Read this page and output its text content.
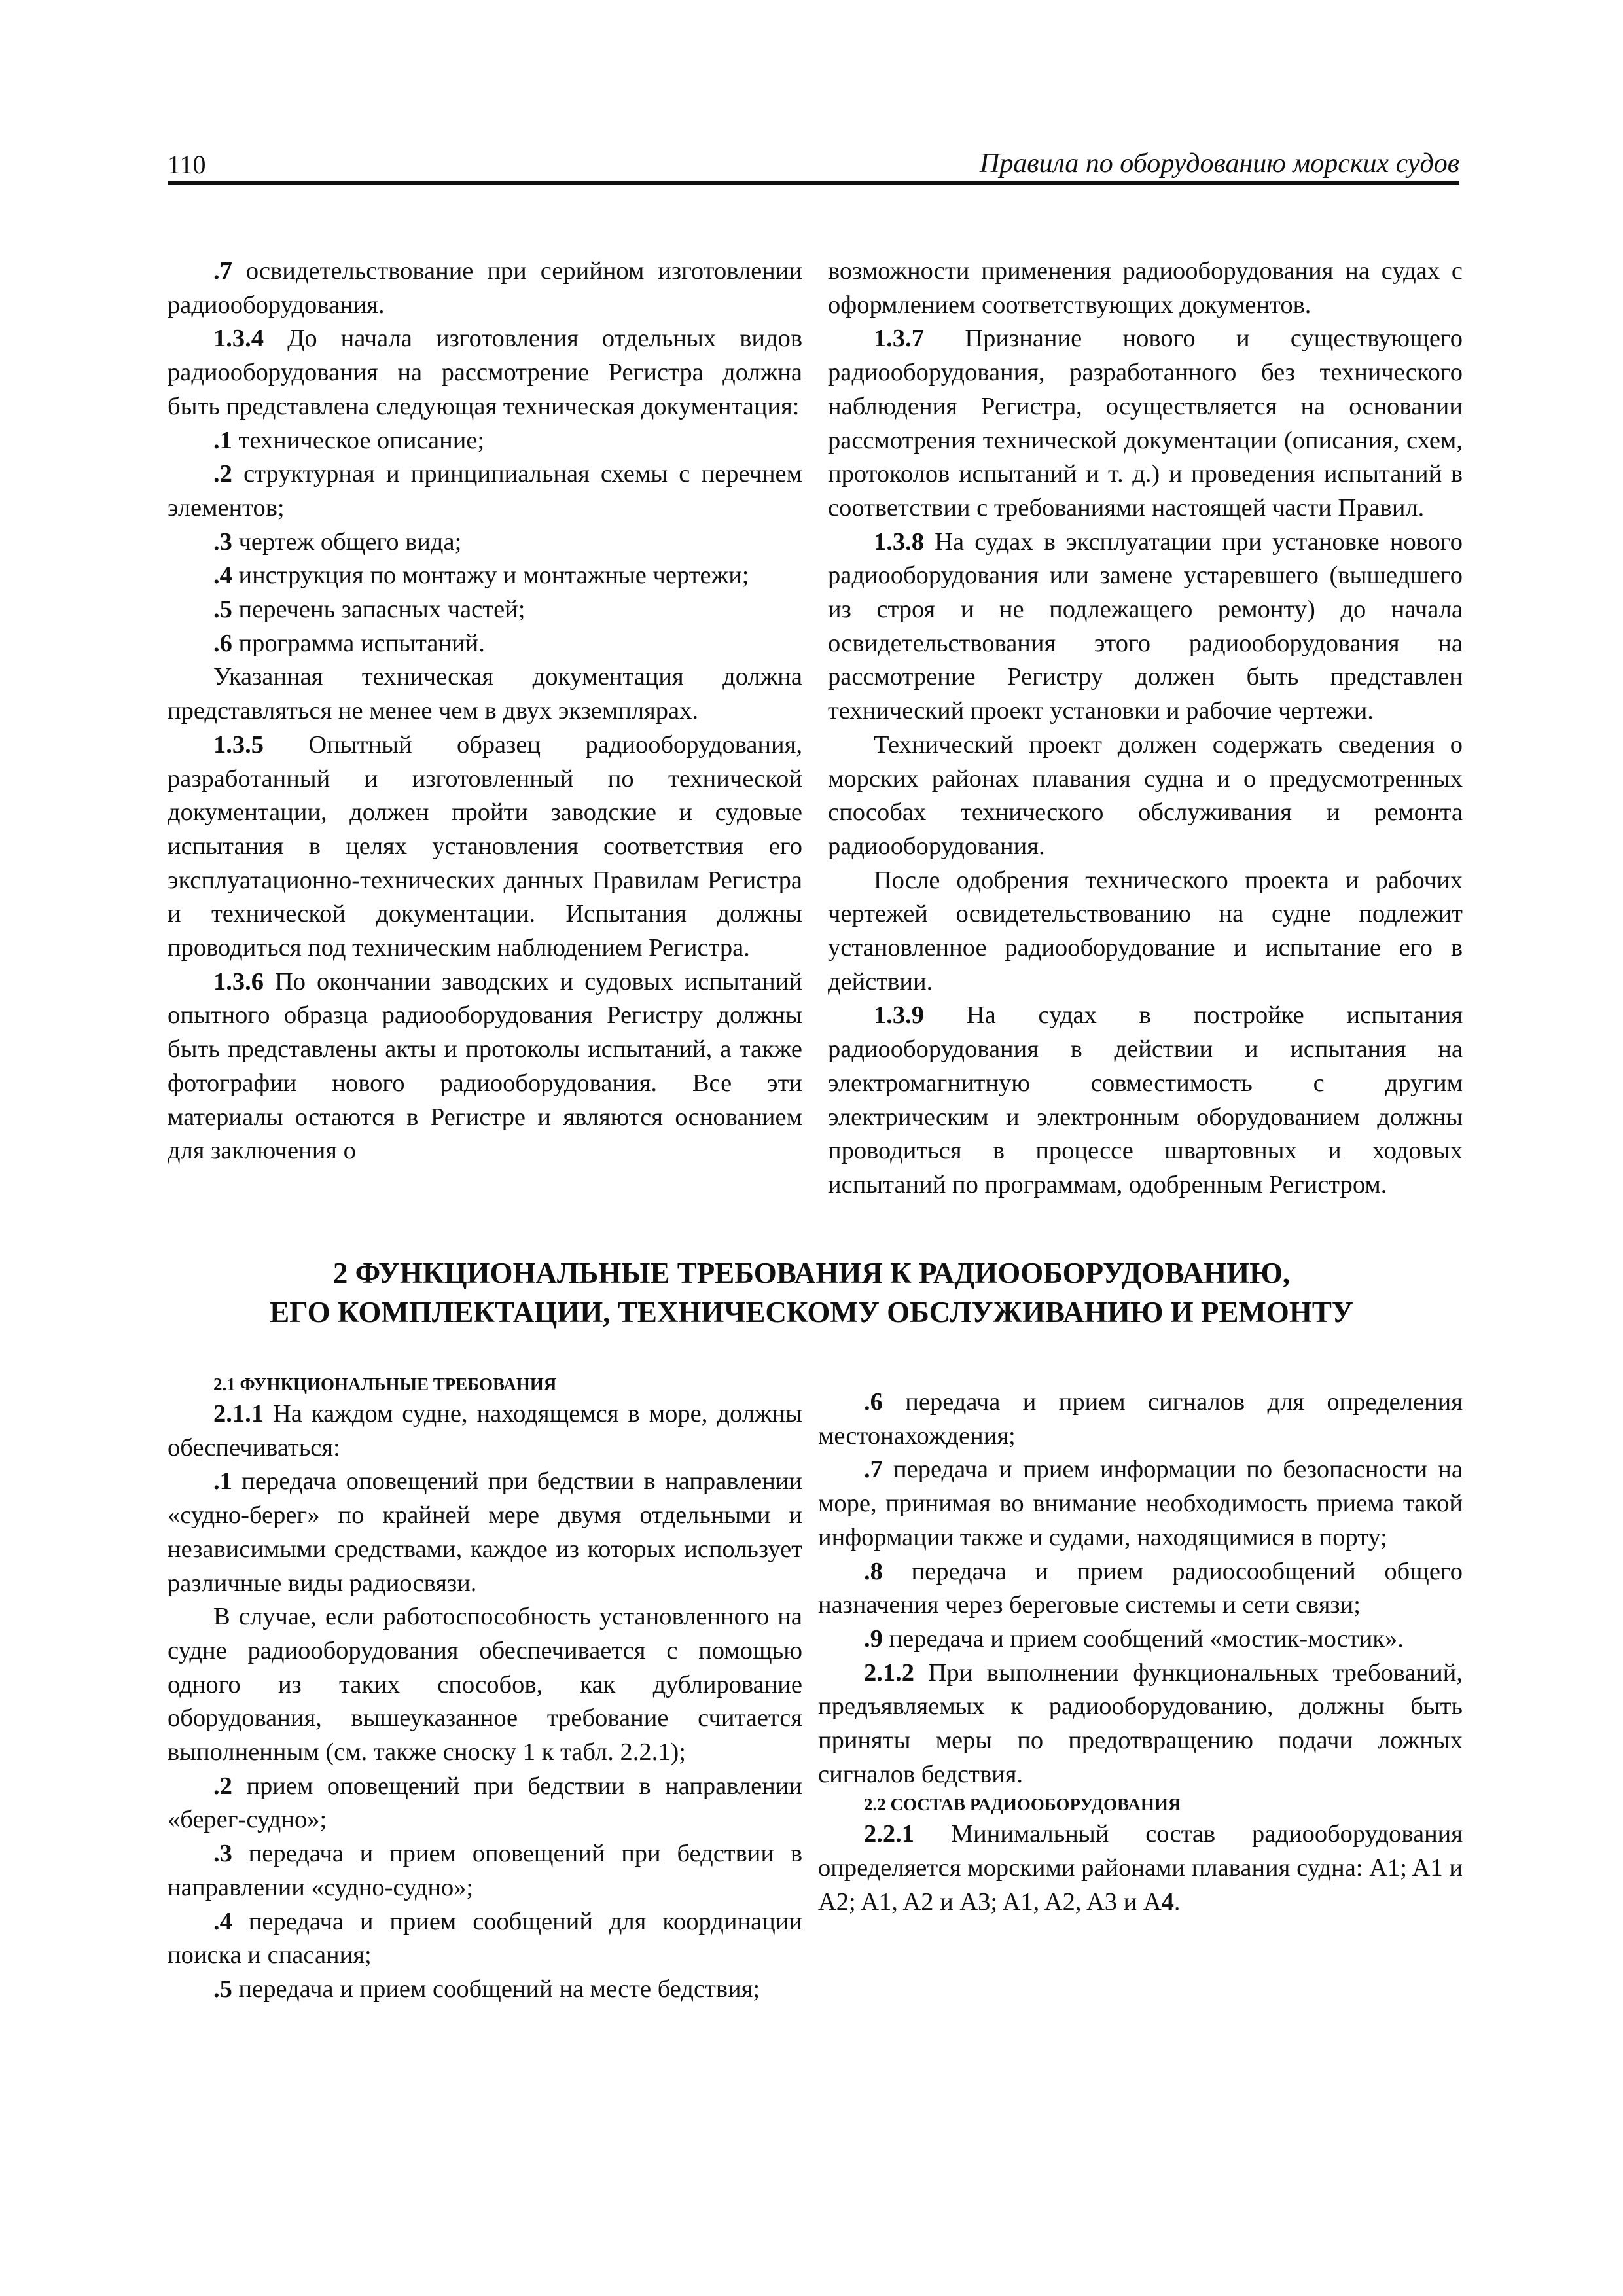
110	Правила по оборудованию морских судов

.7 освидетельствование при серийном изготовлении радиооборудования.

1.3.4 До начала изготовления отдельных видов радиооборудования на рассмотрение Регистра должна быть представлена следующая техническая документация:

.1 техническое описание;

.2 структурная и принципиальная схемы с перечнем элементов;

.3 чертеж общего вида;

.4 инструкция по монтажу и монтажные чертежи;

.5 перечень запасных частей;

.6 программа испытаний.

Указанная техническая документация должна представляться не менее чем в двух экземплярах.

1.3.5 Опытный образец радиооборудования, разработанный и изготовленный по технической документации, должен пройти заводские и судовые испытания в целях установления соответствия его эксплуатационно-технических данных Правилам Регистра и технической документации. Испытания должны проводиться под техническим наблюдением Регистра.

1.3.6 По окончании заводских и судовых испытаний опытного образца радиооборудования Регистру должны быть представлены акты и протоколы испытаний, а также фотографии нового радиооборудования. Все эти материалы остаются в Регистре и являются основанием для заключения о

возможности применения радиооборудования на судах с оформлением соответствующих документов.

1.3.7 Признание нового и существующего радиооборудования, разработанного без технического наблюдения Регистра, осуществляется на основании рассмотрения технической документации (описания, схем, протоколов испытаний и т. д.) и проведения испытаний в соответствии с требованиями настоящей части Правил.

1.3.8 На судах в эксплуатации при установке нового радиооборудования или замене устаревшего (вышедшего из строя и не подлежащего ремонту) до начала освидетельствования этого радиооборудования на рассмотрение Регистру должен быть представлен технический проект установки и рабочие чертежи.

Технический проект должен содержать сведения о морских районах плавания судна и о предусмотренных способах технического обслуживания и ремонта радиооборудования.

После одобрения технического проекта и рабочих чертежей освидетельствованию на судне подлежит установленное радиооборудование и испытание его в действии.

1.3.9 На судах в постройке испытания радиооборудования в действии и испытания на электромагнитную совместимость с другим электрическим и электронным оборудованием должны проводиться в процессе швартовных и ходовых испытаний по программам, одобренным Регистром.

2 ФУНКЦИОНАЛЬНЫЕ ТРЕБОВАНИЯ К РАДИООБОРУДОВАНИЮ,
ЕГО КОМПЛЕКТАЦИИ, ТЕХНИЧЕСКОМУ ОБСЛУЖИВАНИЮ И РЕМОНТУ

2.1 ФУНКЦИОНАЛЬНЫЕ ТРЕБОВАНИЯ

2.1.1 На каждом судне, находящемся в море, должны обеспечиваться:

.1 передача оповещений при бедствии в направлении «судно-берег» по крайней мере двумя отдельными и независимыми средствами, каждое из которых использует различные виды радиосвязи.

В случае, если работоспособность установленного на судне радиооборудования обеспечивается с помощью одного из таких способов, как дублирование оборудования, вышеуказанное требование считается выполненным (см. также сноску 1 к табл. 2.2.1);

.2 прием оповещений при бедствии в направлении «берег-судно»;

.3 передача и прием оповещений при бедствии в направлении «судно-судно»;

.4 передача и прием сообщений для координации поиска и спасания;

.5 передача и прием сообщений на месте бедствия;

.6 передача и прием сигналов для определения местонахождения;

.7 передача и прием информации по безопасности на море, принимая во внимание необходимость приема такой информации также и судами, находящимися в порту;

.8 передача и прием радиосообщений общего назначения через береговые системы и сети связи;

.9 передача и прием сообщений «мостик-мостик».

2.1.2 При выполнении функциональных требований, предъявляемых к радиооборудованию, должны быть приняты меры по предотвращению подачи ложных сигналов бедствия.

2.2 СОСТАВ РАДИООБОРУДОВАНИЯ

2.2.1 Минимальный состав радиооборудования определяется морскими районами плавания судна: A1; A1 и A2; A1, A2 и A3; A1, A2, A3 и A4.
